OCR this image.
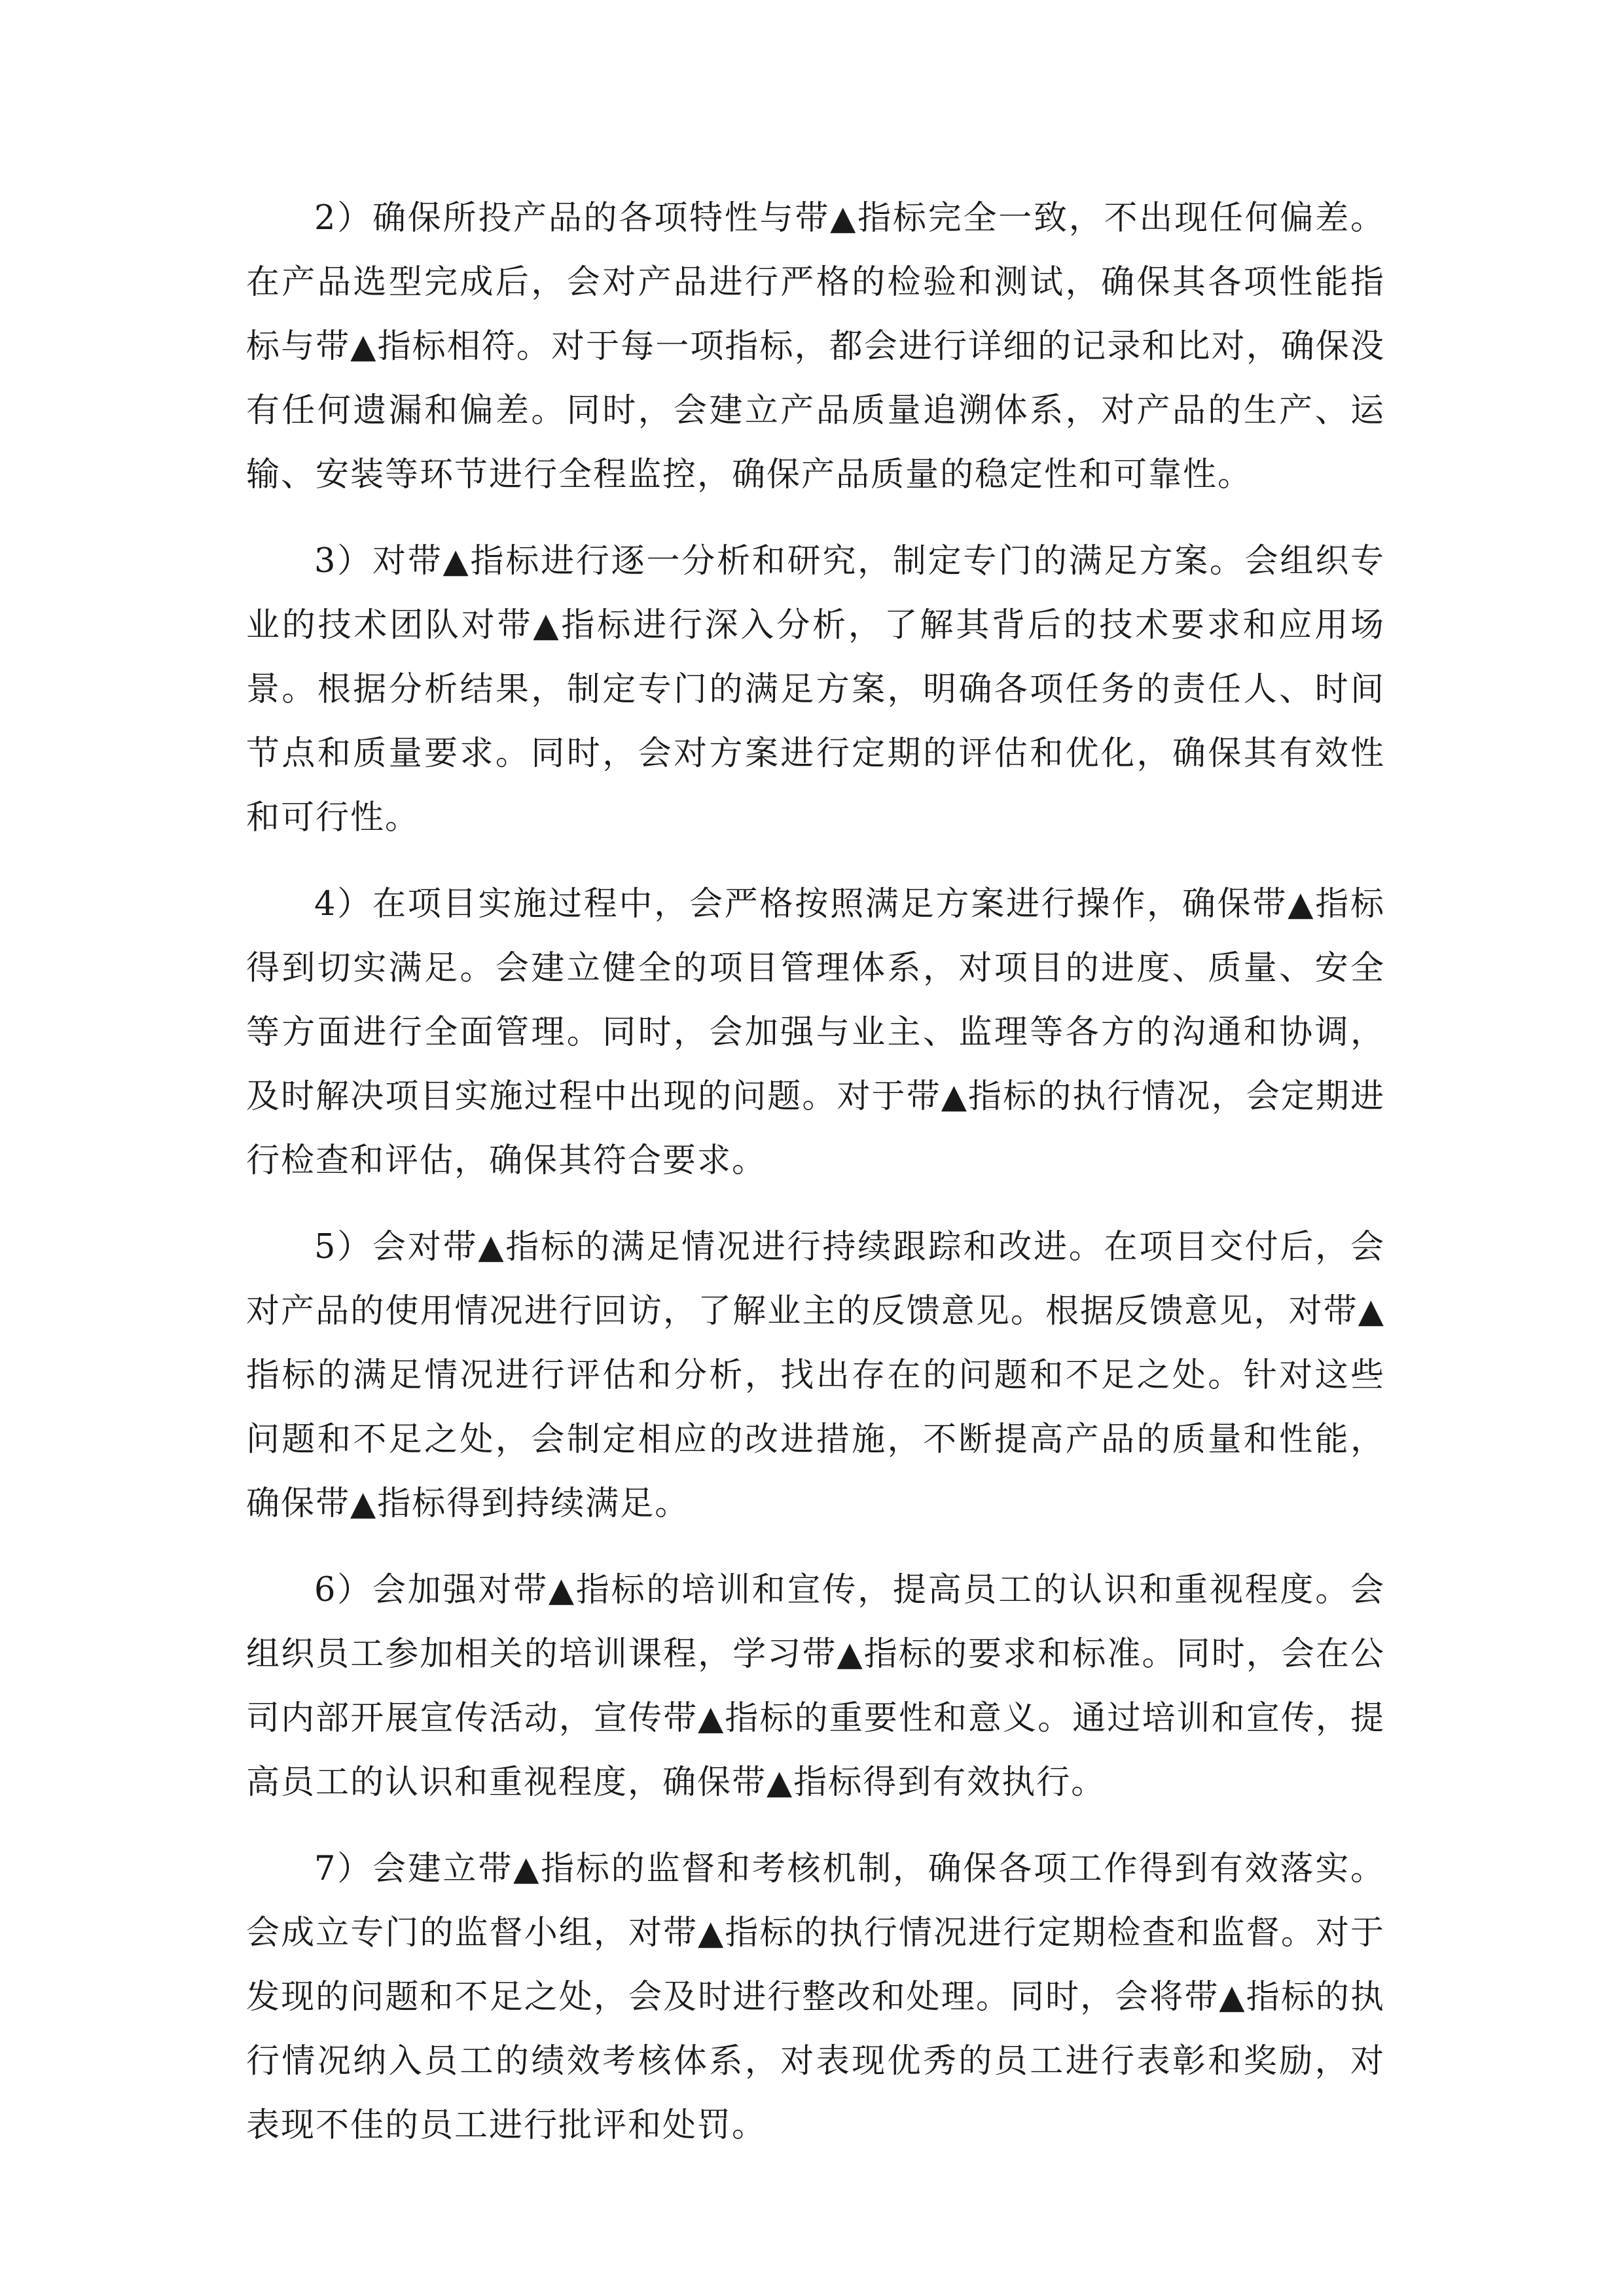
2）确保所投产品的各项特性与带▲指标完全一致，不出现任何偏差。在产品选型完成后，会对产品进行严格的检验和测试，确保其各项性能指标与带▲指标相符。对于每一项指标，都会进行详细的记录和比对，确保没有任何遗漏和偏差。同时，会建立产品质量追溯体系，对产品的生产、运输、安装等环节进行全程监控，确保产品质量的稳定性和可靠性。

3）对带▲指标进行逐一分析和研究，制定专门的满足方案。会组织专业的技术团队对带▲指标进行深入分析，了解其背后的技术要求和应用场景。根据分析结果，制定专门的满足方案，明确各项任务的责任人、时间节点和质量要求。同时，会对方案进行定期的评估和优化，确保其有效性和可行性。

4）在项目实施过程中，会严格按照满足方案进行操作，确保带▲指标得到切实满足。会建立健全的项目管理体系，对项目的进度、质量、安全等方面进行全面管理。同时，会加强与业主、监理等各方的沟通和协调，及时解决项目实施过程中出现的问题。对于带▲指标的执行情况，会定期进行检查和评估，确保其符合要求。

5）会对带▲指标的满足情况进行持续跟踪和改进。在项目交付后，会对产品的使用情况进行回访，了解业主的反馈意见。根据反馈意见，对带▲指标的满足情况进行评估和分析，找出存在的问题和不足之处。针对这些问题和不足之处，会制定相应的改进措施，不断提高产品的质量和性能，确保带▲指标得到持续满足。

6）会加强对带▲指标的培训和宣传，提高员工的认识和重视程度。会组织员工参加相关的培训课程，学习带▲指标的要求和标准。同时，会在公司内部开展宣传活动，宣传带▲指标的重要性和意义。通过培训和宣传，提高员工的认识和重视程度，确保带▲指标得到有效执行。

7）会建立带▲指标的监督和考核机制，确保各项工作得到有效落实。会成立专门的监督小组，对带▲指标的执行情况进行定期检查和监督。对于发现的问题和不足之处，会及时进行整改和处理。同时，会将带▲指标的执行情况纳入员工的绩效考核体系，对表现优秀的员工进行表彰和奖励，对表现不佳的员工进行批评和处罚。
